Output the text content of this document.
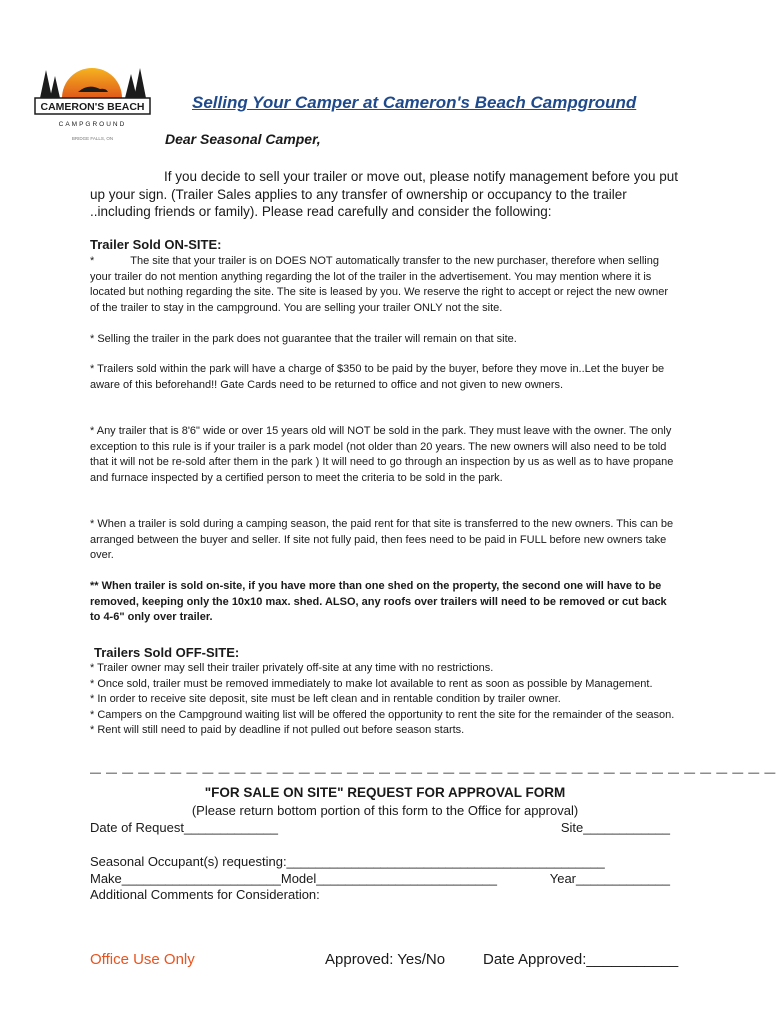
CAMERON'S BEACH
CAMPGROUND
BRIDGE FALLS, ON
Selling Your Camper at Cameron's Beach Campground
Dear Seasonal Camper,
If you decide to sell your trailer or move out, please notify management before you put up your sign. (Trailer Sales applies to any transfer of ownership or occupancy to the trailer ..including friends or family). Please read carefully and consider the following:
Trailer Sold ON-SITE:
*	The site that your trailer is on DOES NOT automatically transfer to the new purchaser, therefore when selling your trailer do not mention anything regarding the lot of the trailer in the advertisement. You may mention where it is located but nothing regarding the site. The site is leased by you. We reserve the right to accept or reject the new owner of the trailer to stay in the campground. You are selling your trailer ONLY not the site.
* Selling the trailer in the park does not guarantee that the trailer will remain on that site.
* Trailers sold within the park will have a charge of $350 to be paid by the buyer, before they move in..Let the buyer be aware of this beforehand!! Gate Cards need to be returned to office and not given to new owners.
* Any trailer that is 8'6" wide or over 15 years old will NOT be sold in the park. They must leave with the owner. The only exception to this rule is if your trailer is a park model (not older than 20 years. The new owners will also need to be told that it will not be re-sold after them in the park ) It will need to go through an inspection by us as well as to have propane and furnace inspected by a certified person to meet the criteria to be sold in the park.
* When a trailer is sold during a camping season, the paid rent for that site is transferred to the new owners. This can be arranged between the buyer and seller. If site not fully paid, then fees need to be paid in FULL before new owners take over.
** When trailer is sold on-site, if you have more than one shed on the property, the second one will have to be removed, keeping only the 10x10 max. shed. ALSO, any roofs over trailers will need to be removed or cut back to 4-6" only over trailer.
Trailers Sold OFF-SITE:
* Trailer owner may sell their trailer privately off-site at any time with no restrictions.
* Once sold, trailer must be removed immediately to make lot available to rent as soon as possible by Management.
* In order to receive site deposit, site must be left clean and in rentable condition by trailer owner.
* Campers on the Campground waiting list will be offered the opportunity to rent the site for the remainder of the season.
* Rent will still need to paid by deadline if not pulled out before season starts.
— — — — — — — — — — — — — — — — — — — — — — — — — — — — — — — — — — — — — — — — — — —
"FOR SALE ON SITE" REQUEST FOR APPROVAL FORM
(Please return bottom portion of this form to the Office for approval)
Date of Request_____________	Site____________
Seasonal Occupant(s) requesting:____________________________________________
Make______________________Model_________________________	Year_____________
Additional Comments for Consideration:
Office Use Only	Approved: Yes/No	Date Approved:___________
